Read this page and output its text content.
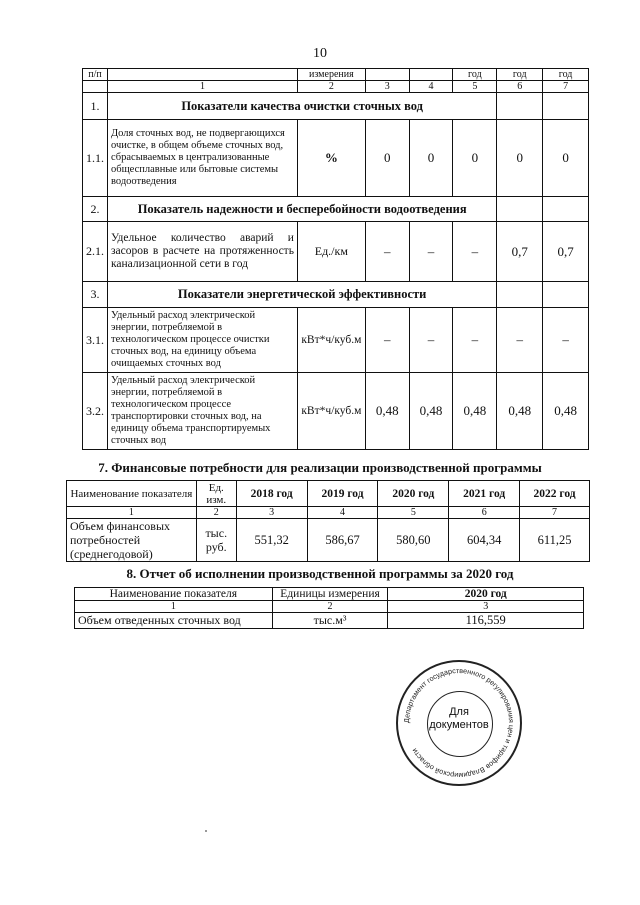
10
п/п		измерения			год	год	год
	1	2	3	4	5	6	7
1.	Показатели качества очистки сточных вод						
1.1.	Доля сточных вод, не подвергающихся очистке, в общем объеме сточных вод, сбрасываемых в централизованные общесплавные или бытовые системы водоотведения	%	0	0	0	0	0
2.	Показатель надежности и бесперебойности водоотведения						
2.1.	Удельное количество аварий и засоров в расчете на протяженность канализационной сети в год	Ед./км	–	–	–	0,7	0,7
3.	Показатели энергетической эффективности						
3.1.	Удельный расход электрической энергии, потребляемой в технологическом процессе очистки сточных вод, на единицу объема очищаемых сточных вод	кВт*ч/куб.м	–	–	–	–	–
3.2.	Удельный расход электрической энергии, потребляемой в технологическом процессе транспортировки сточных вод, на единицу объема транспортируемых сточных вод	кВт*ч/куб.м	0,48	0,48	0,48	0,48	0,48
7. Финансовые потребности для реализации производственной программы
Наименование показателя	Ед. изм.	2018 год	2019 год	2020 год	2021 год	2022 год
1	2	3	4	5	6	7
Объем финансовых потребностей (среднегодовой)	тыс. руб.	551,32	586,67	580,60	604,34	611,25
8. Отчет об исполнении производственной программы за 2020 год
Наименование показателя	Единицы измерения	2020 год
1	2	3
Объем отведенных сточных вод	тыс.м³	116,559
Департамент государственного регулирования цен и тарифов Владимирской области
Для
документов
